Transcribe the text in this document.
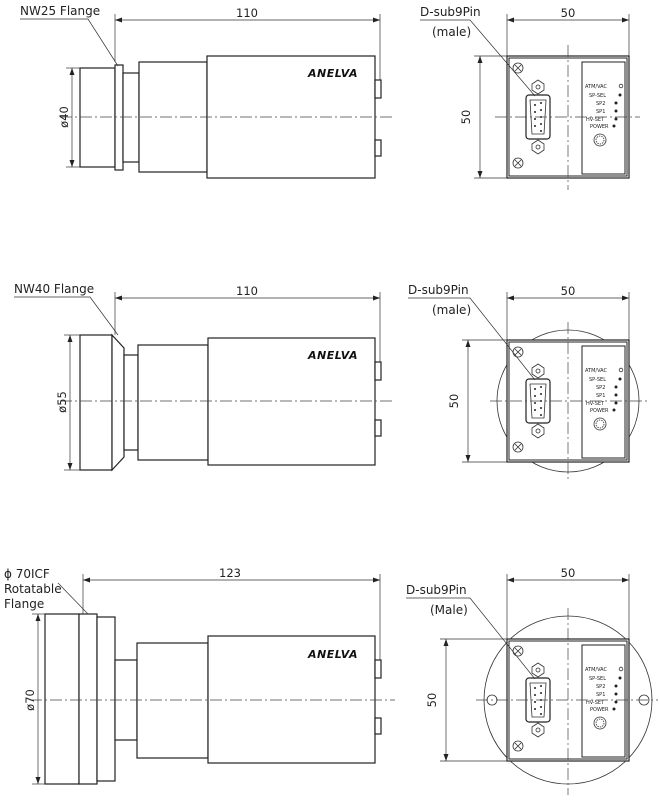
ANELVA
110
ø40
NW25 Flange
ATM/VAC
SP-SEL
SP2
SP1
HV-SET
POWER
50
50
D-sub9Pin
(male)
ANELVA
110
ø55
NW40 Flange
ATM/VAC
SP-SEL
SP2
SP1
HV-SET
POWER
50
50
D-sub9Pin
(male)
ANELVA
123
ø70
ϕ 70ICF
Rotatable
Flange
ATM/VAC
SP-SEL
SP2
SP1
HV-SET
POWER
50
50
D-sub9Pin
(Male)
